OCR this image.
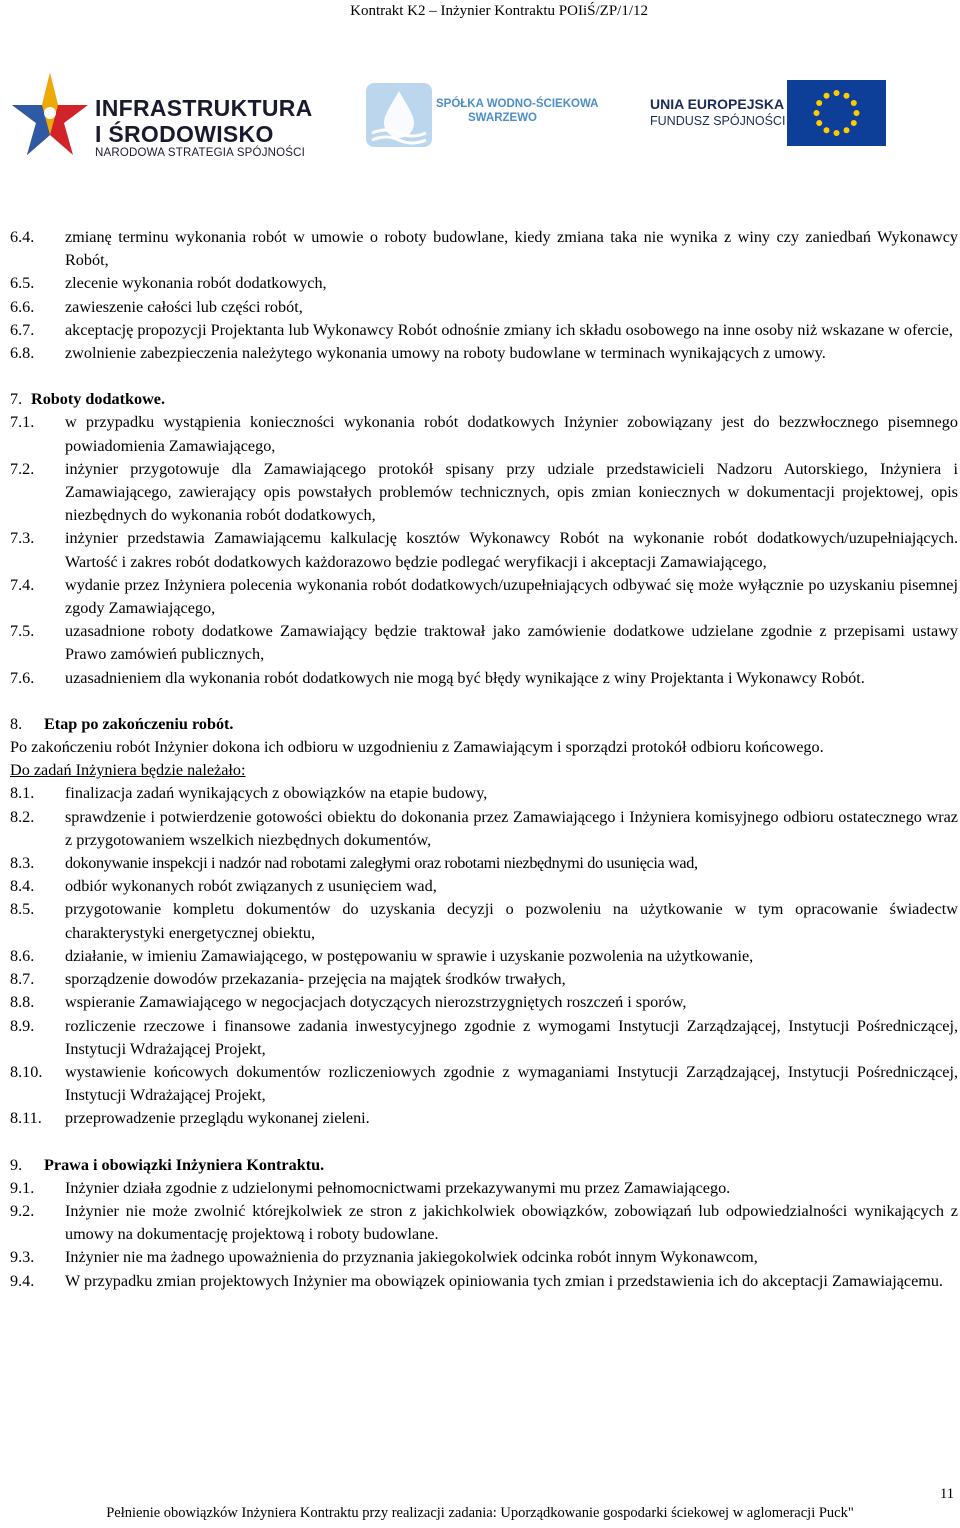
Kontrakt K2 – Inżynier Kontraktu POIiŚ/ZP/1/12
INFRASTRUKTURA
I ŚRODOWISKO
NARODOWA STRATEGIA SPÓJNOŚCI
SPÓŁKA WODNO-ŚCIEKOWA
SWARZEWO
UNIA EUROPEJSKA
FUNDUSZ SPÓJNOŚCI
6.4.	zmianę terminu wykonania robót w umowie o roboty budowlane, kiedy zmiana taka nie wynika z winy czy zaniedbań Wykonawcy Robót,
6.5.	zlecenie wykonania robót dodatkowych,
6.6.	zawieszenie całości lub części robót,
6.7.	akceptację propozycji Projektanta lub Wykonawcy Robót odnośnie zmiany ich składu osobowego na inne osoby niż wskazane w ofercie,
6.8.	zwolnienie zabezpieczenia należytego wykonania umowy na roboty budowlane w terminach wynikających z umowy.
7. Roboty dodatkowe.
7.1.	w przypadku wystąpienia konieczności wykonania robót dodatkowych Inżynier zobowiązany jest do bezzwłocznego pisemnego powiadomienia Zamawiającego,
7.2.	inżynier przygotowuje dla Zamawiającego protokół spisany przy udziale przedstawicieli Nadzoru Autorskiego, Inżyniera i Zamawiającego, zawierający opis powstałych problemów technicznych, opis zmian koniecznych w dokumentacji projektowej, opis niezbędnych do wykonania robót dodatkowych,
7.3.	inżynier przedstawia Zamawiającemu kalkulację kosztów Wykonawcy Robót na wykonanie robót dodatkowych/uzupełniających. Wartość i zakres robót dodatkowych każdorazowo będzie podlegać weryfikacji i akceptacji Zamawiającego,
7.4.	wydanie przez Inżyniera polecenia wykonania robót dodatkowych/uzupełniających odbywać się może wyłącznie po uzyskaniu pisemnej zgody Zamawiającego,
7.5.	uzasadnione roboty dodatkowe Zamawiający będzie traktował jako zamówienie dodatkowe udzielane zgodnie z przepisami ustawy Prawo zamówień publicznych,
7.6.	uzasadnieniem dla wykonania robót dodatkowych nie mogą być błędy wynikające z winy Projektanta i Wykonawcy Robót.
8. Etap po zakończeniu robót.
Po zakończeniu robót Inżynier dokona ich odbioru w uzgodnieniu z Zamawiającym i sporządzi protokół odbioru końcowego.
Do zadań Inżyniera będzie należało:
8.1.	finalizacja zadań wynikających z obowiązków na etapie budowy,
8.2.	sprawdzenie i potwierdzenie gotowości obiektu do dokonania przez Zamawiającego i Inżyniera komisyjnego odbioru ostatecznego wraz z przygotowaniem wszelkich niezbędnych dokumentów,
8.3.	dokonywanie inspekcji i nadzór nad robotami zaległymi oraz robotami niezbędnymi do usunięcia wad,
8.4.	odbiór wykonanych robót związanych z usunięciem wad,
8.5.	przygotowanie kompletu dokumentów do uzyskania decyzji o pozwoleniu na użytkowanie w tym opracowanie świadectw charakterystyki energetycznej obiektu,
8.6.	działanie, w imieniu Zamawiającego, w postępowaniu w sprawie i uzyskanie pozwolenia na użytkowanie,
8.7.	sporządzenie dowodów przekazania- przejęcia na majątek środków trwałych,
8.8.	wspieranie Zamawiającego w negocjacjach dotyczących nierozstrzygniętych roszczeń i sporów,
8.9.	rozliczenie rzeczowe i finansowe zadania inwestycyjnego zgodnie z wymogami Instytucji Zarządzającej, Instytucji Pośredniczącej, Instytucji Wdrażającej Projekt,
8.10.	wystawienie końcowych dokumentów rozliczeniowych zgodnie z wymaganiami Instytucji Zarządzającej, Instytucji Pośredniczącej, Instytucji Wdrażającej Projekt,
8.11.	przeprowadzenie przeglądu wykonanej zieleni.
9. Prawa i obowiązki Inżyniera Kontraktu.
9.1.	Inżynier działa zgodnie z udzielonymi pełnomocnictwami przekazywanymi mu przez Zamawiającego.
9.2.	Inżynier nie może zwolnić którejkolwiek ze stron z jakichkolwiek obowiązków, zobowiązań lub odpowiedzialności wynikających z umowy na dokumentację projektową i roboty budowlane.
9.3.	Inżynier nie ma żadnego upoważnienia do przyznania jakiegokolwiek odcinka robót innym Wykonawcom,
9.4.	W przypadku zmian projektowych Inżynier ma obowiązek opiniowania tych zmian i przedstawienia ich do akceptacji Zamawiającemu.
11
Pełnienie obowiązków Inżyniera Kontraktu przy realizacji zadania: Uporządkowanie gospodarki ściekowej w aglomeracji Puck"
